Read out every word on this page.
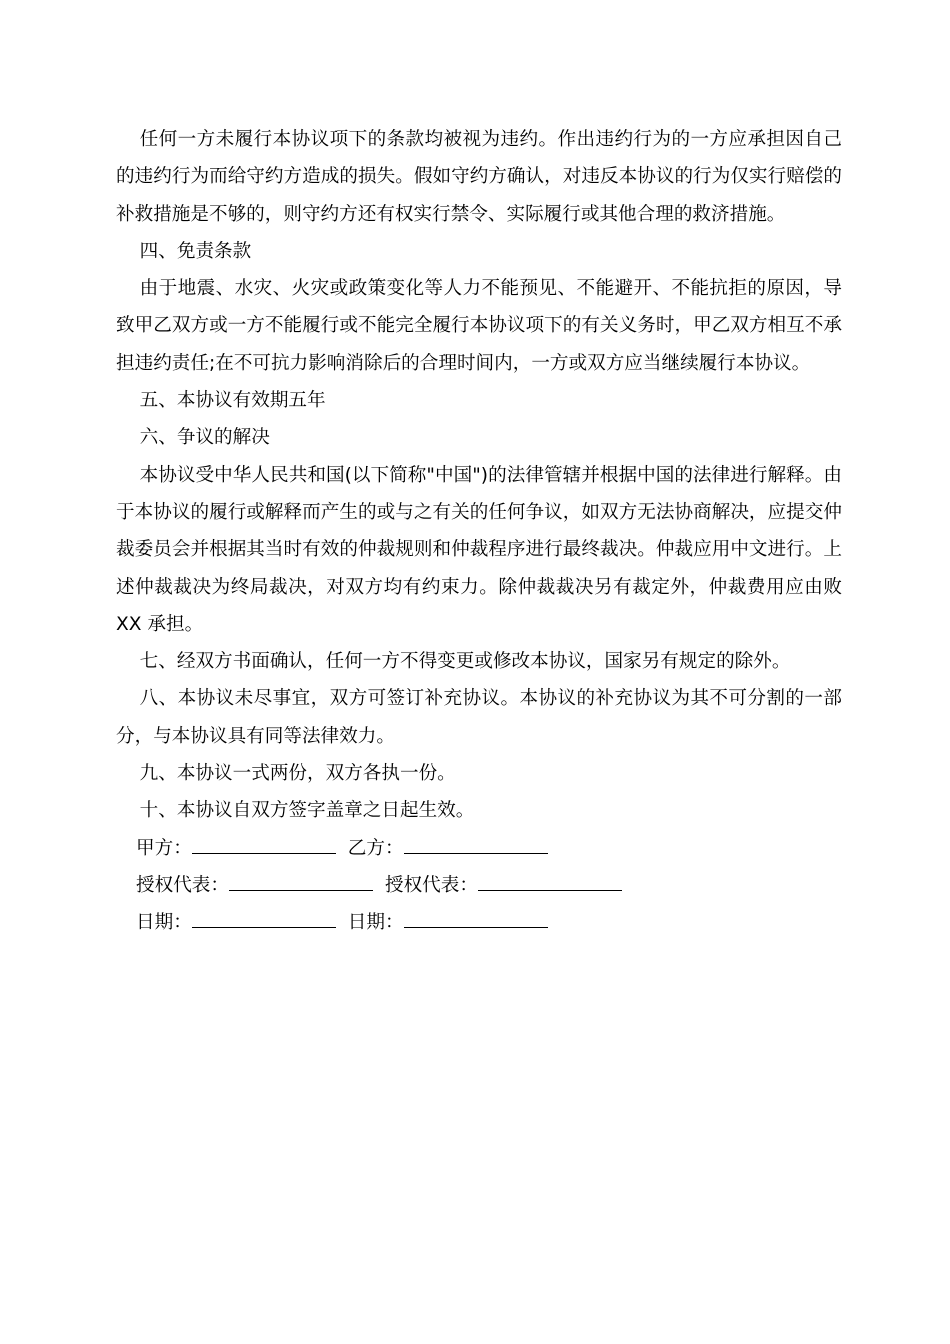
任何一方未履行本协议项下的条款均被视为违约。作出违约行为的一方应承担因自己的违约行为而给守约方造成的损失。假如守约方确认，对违反本协议的行为仅实行赔偿的补救措施是不够的，则守约方还有权实行禁令、实际履行或其他合理的救济措施。

四、免责条款

由于地震、水灾、火灾或政策变化等人力不能预见、不能避开、不能抗拒的原因，导致甲乙双方或一方不能履行或不能完全履行本协议项下的有关义务时，甲乙双方相互不承担违约责任;在不可抗力影响消除后的合理时间内，一方或双方应当继续履行本协议。

五、本协议有效期五年

六、争议的解决

本协议受中华人民共和国(以下简称"中国")的法律管辖并根据中国的法律进行解释。由于本协议的履行或解释而产生的或与之有关的任何争议，如双方无法协商解决，应提交仲裁委员会并根据其当时有效的仲裁规则和仲裁程序进行最终裁决。仲裁应用中文进行。上述仲裁裁决为终局裁决，对双方均有约束力。除仲裁裁决另有裁定外，仲裁费用应由败 XX 承担。

七、经双方书面确认，任何一方不得变更或修改本协议，国家另有规定的除外。

八、本协议未尽事宜，双方可签订补充协议。本协议的补充协议为其不可分割的一部分，与本协议具有同等法律效力。

九、本协议一式两份，双方各执一份。

十、本协议自双方签字盖章之日起生效。

甲方：	乙方：
授权代表：	授权代表：
日期：	日期：
